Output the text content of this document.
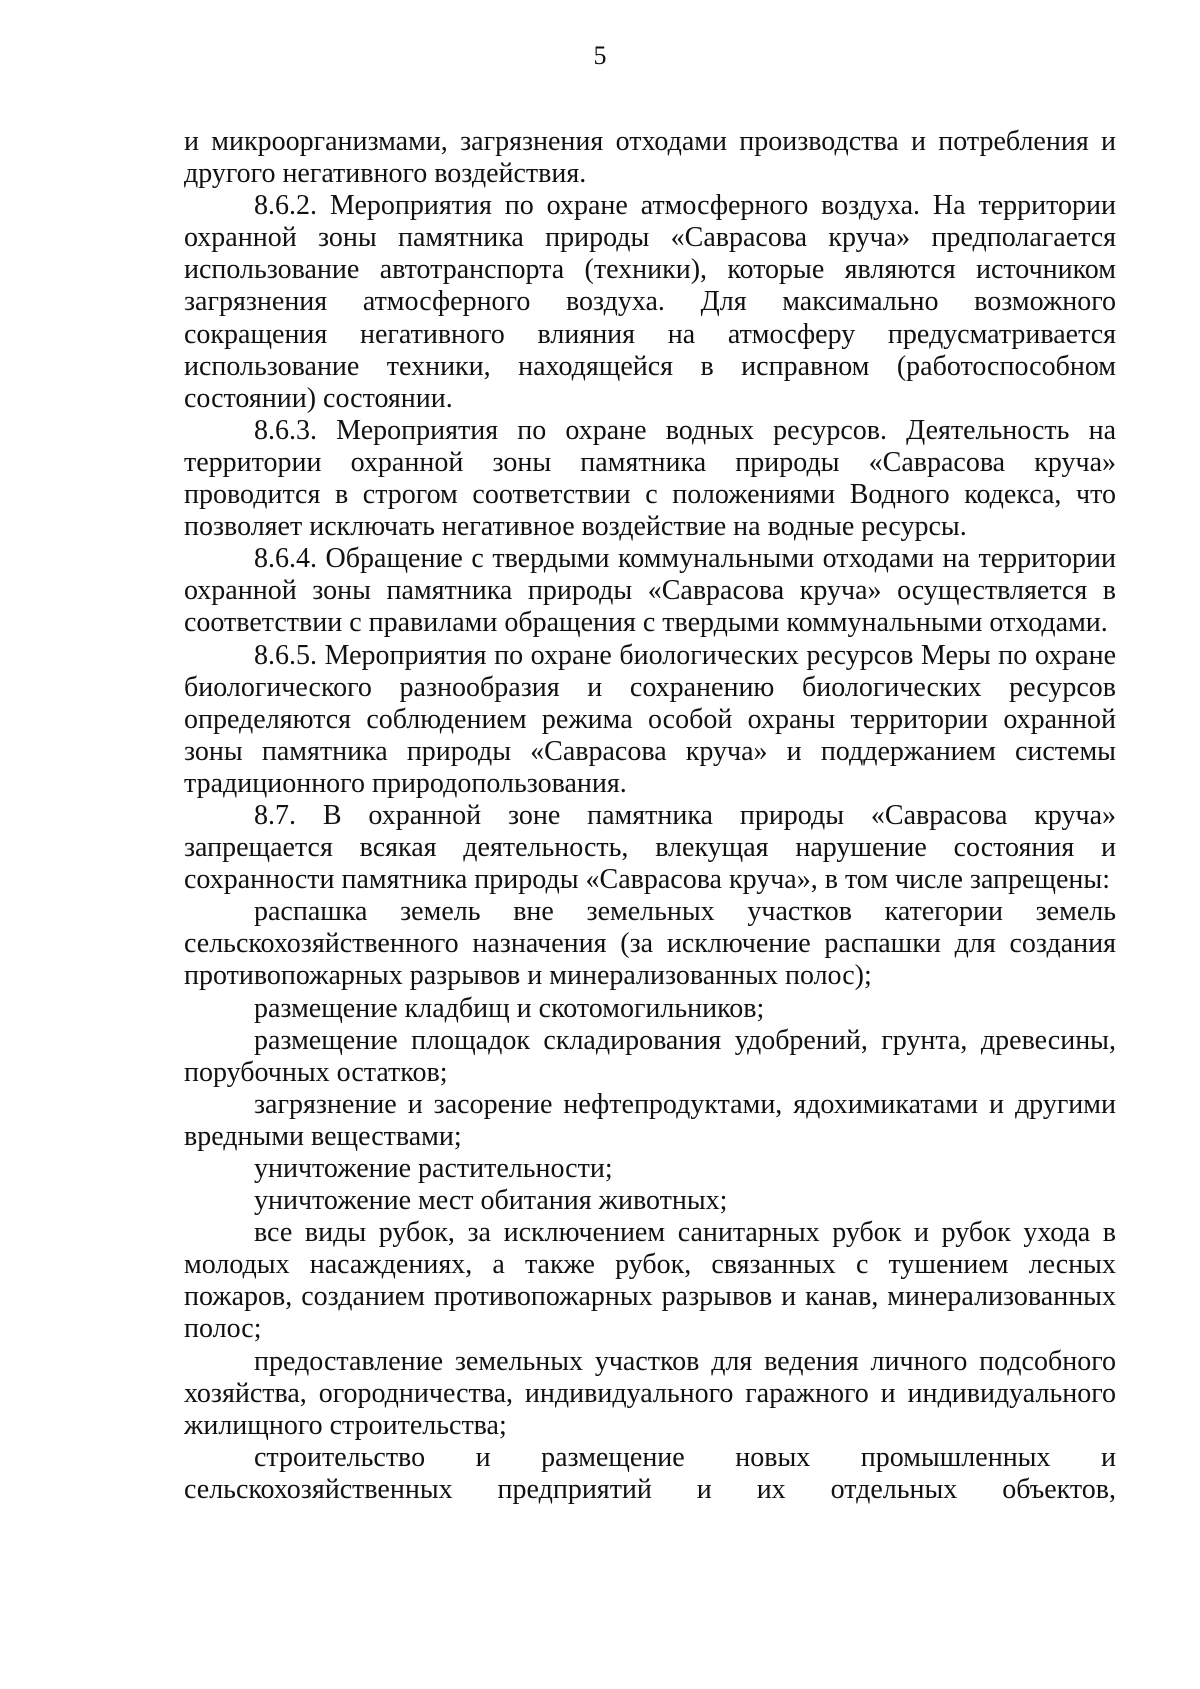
5

и микроорганизмами, загрязнения отходами производства и потребления и другого негативного воздействия.

8.6.2. Мероприятия по охране атмосферного воздуха. На территории охранной зоны памятника природы «Саврасова круча» предполагается использование автотранспорта (техники), которые являются источником загрязнения атмосферного воздуха. Для максимально возможного сокращения негативного влияния на атмосферу предусматривается использование техники, находящейся в исправном (работоспособном состоянии) состоянии.

8.6.3. Мероприятия по охране водных ресурсов. Деятельность на территории охранной зоны памятника природы «Саврасова круча» проводится в строгом соответствии с положениями Водного кодекса, что позволяет исключать негативное воздействие на водные ресурсы.

8.6.4. Обращение с твердыми коммунальными отходами на территории охранной зоны памятника природы «Саврасова круча» осуществляется в соответствии с правилами обращения с твердыми коммунальными отходами.

8.6.5. Мероприятия по охране биологических ресурсов Меры по охране биологического разнообразия и сохранению биологических ресурсов определяются соблюдением режима особой охраны территории охранной зоны памятника природы «Саврасова круча» и поддержанием системы традиционного природопользования.

8.7. В охранной зоне памятника природы «Саврасова круча» запрещается всякая деятельность, влекущая нарушение состояния и сохранности памятника природы «Саврасова круча», в том числе запрещены:

распашка земель вне земельных участков категории земель сельскохозяйственного назначения (за исключение распашки для создания противопожарных разрывов и минерализованных полос);

размещение кладбищ и скотомогильников;

размещение площадок складирования удобрений, грунта, древесины, порубочных остатков;

загрязнение и засорение нефтепродуктами, ядохимикатами и другими вредными веществами;

уничтожение растительности;

уничтожение мест обитания животных;

все виды рубок, за исключением санитарных рубок и рубок ухода в молодых насаждениях, а также рубок, связанных с тушением лесных пожаров, созданием противопожарных разрывов и канав, минерализованных полос;

предоставление земельных участков для ведения личного подсобного хозяйства, огородничества, индивидуального гаражного и индивидуального жилищного строительства;

строительство и размещение новых промышленных и сельскохозяйственных предприятий и их отдельных объектов,
